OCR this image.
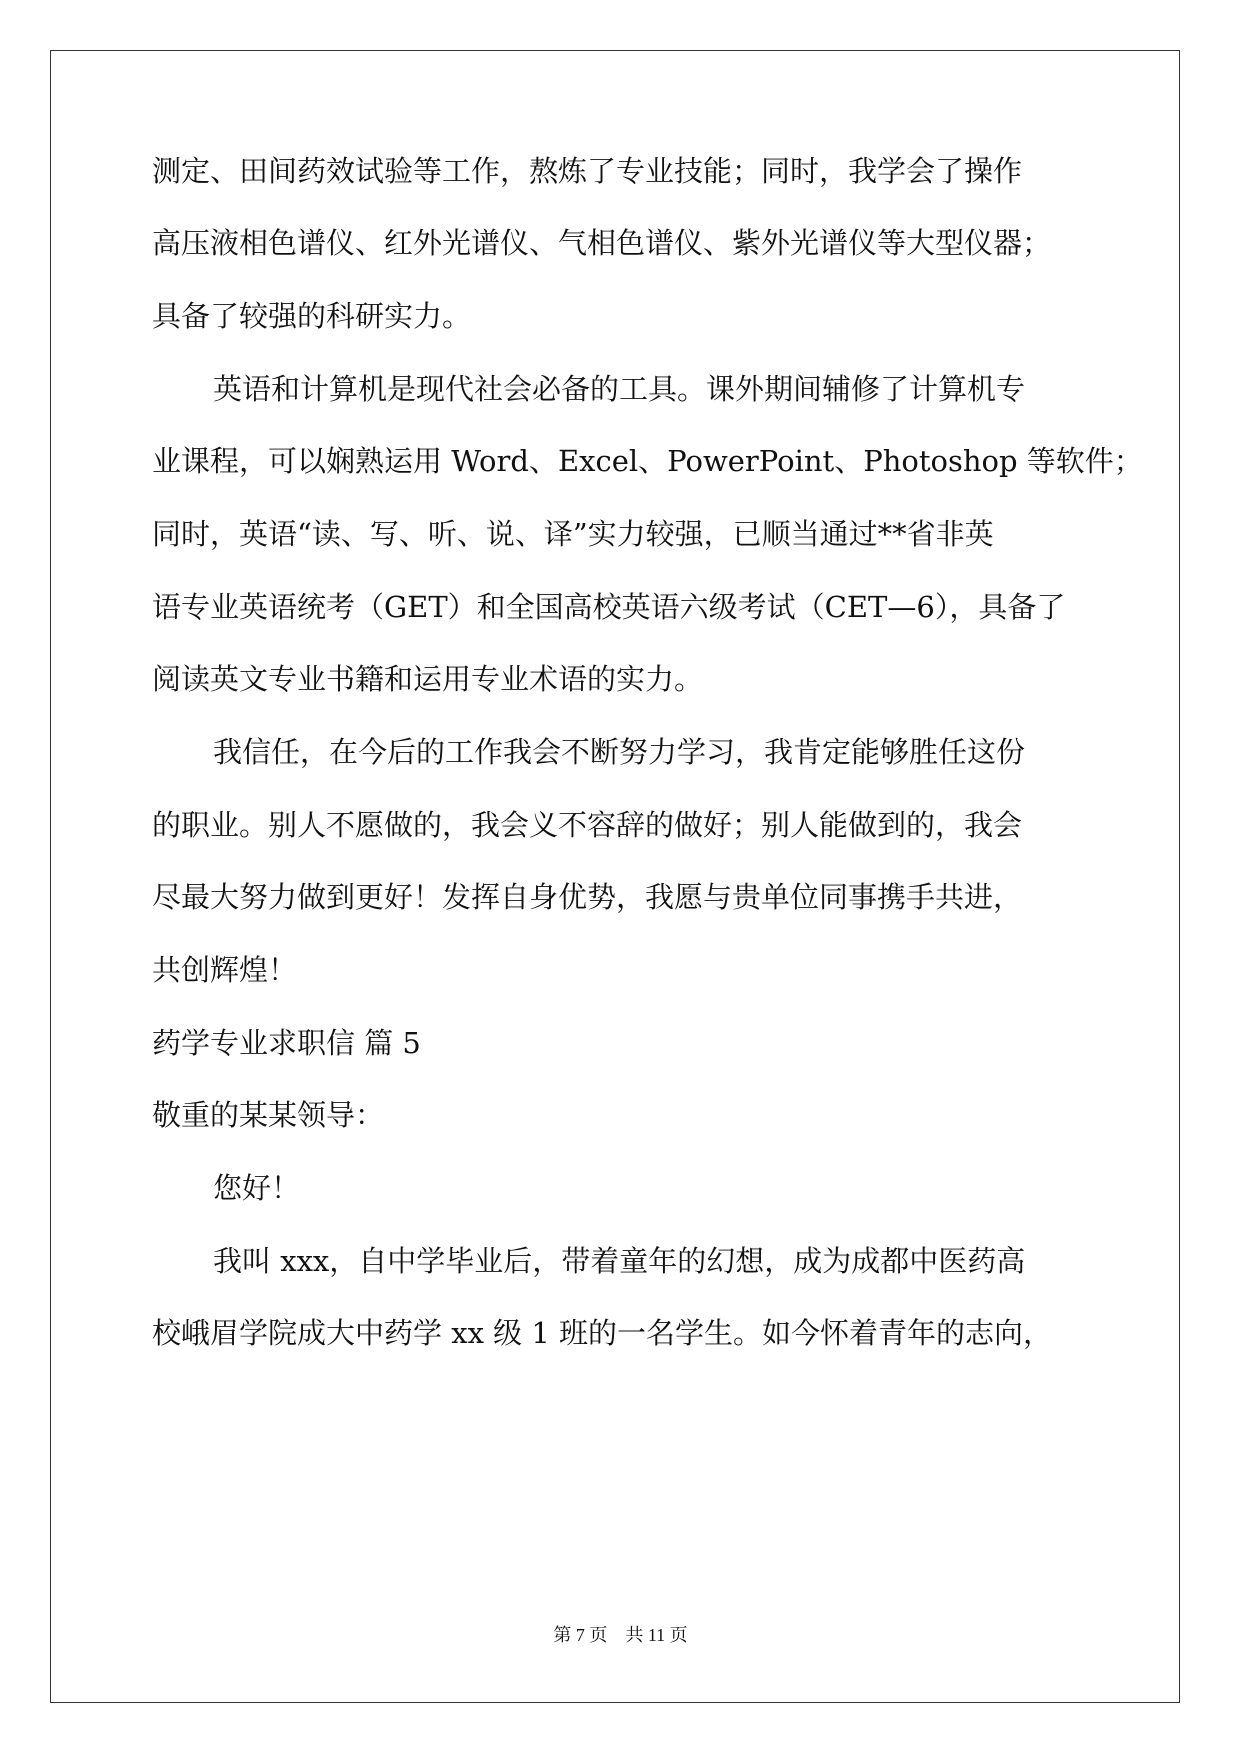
测定、田间药效试验等工作，熬炼了专业技能；同时，我学会了操作
高压液相色谱仪、红外光谱仪、气相色谱仪、紫外光谱仪等大型仪器；
具备了较强的科研实力。
英语和计算机是现代社会必备的工具。课外期间辅修了计算机专
业课程，可以娴熟运用 Word、Excel、PowerPoint、Photoshop 等软件；
同时，英语“读、写、听、说、译”实力较强，已顺当通过**省非英
语专业英语统考（GET）和全国高校英语六级考试（CET—6），具备了
阅读英文专业书籍和运用专业术语的实力。
我信任，在今后的工作我会不断努力学习，我肯定能够胜任这份
的职业。别人不愿做的，我会义不容辞的做好；别人能做到的，我会
尽最大努力做到更好！发挥自身优势，我愿与贵单位同事携手共进，
共创辉煌！
药学专业求职信 篇 5
敬重的某某领导：
您好！
我叫 xxx，自中学毕业后，带着童年的幻想，成为成都中医药高
校峨眉学院成大中药学 xx 级 1 班的一名学生。如今怀着青年的志向，
第 7 页 共 11 页
